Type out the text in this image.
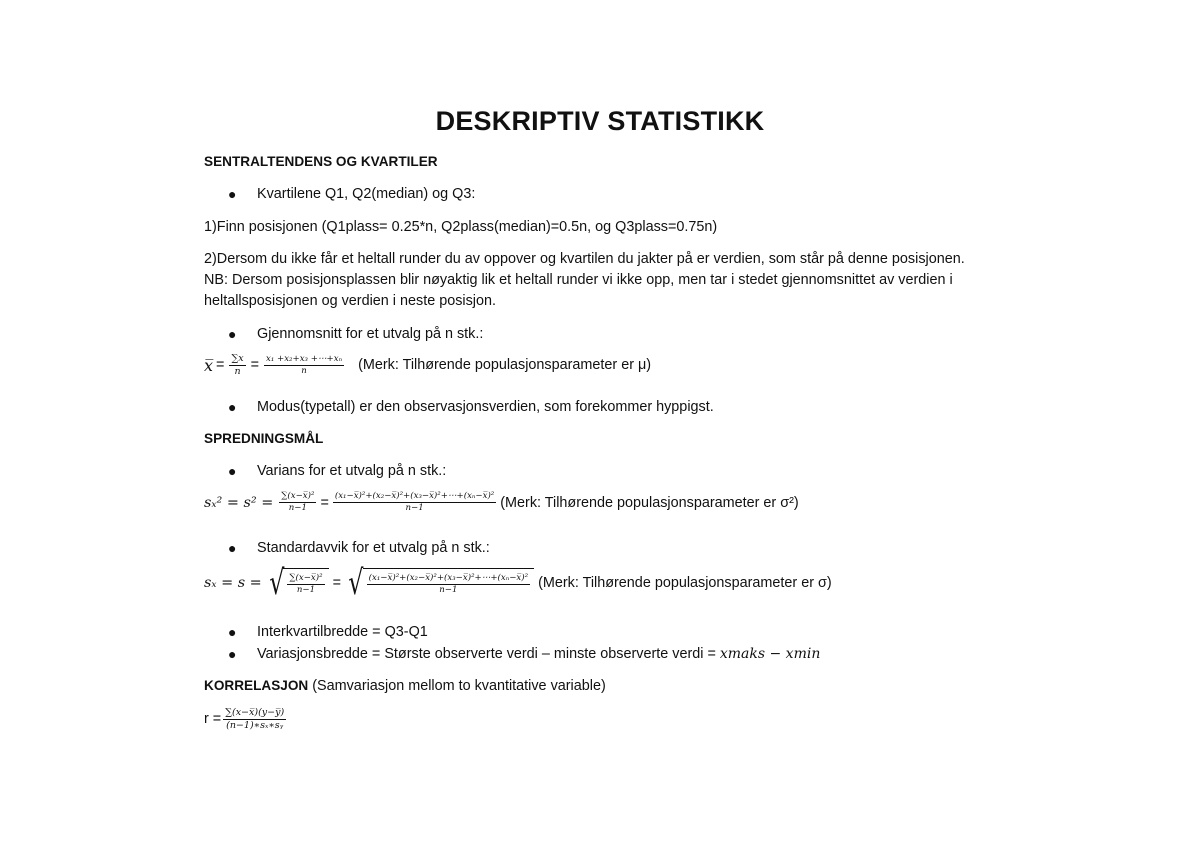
DESKRIPTIV STATISTIKK
SENTRALTENDENS OG KVARTILER
● Kvartilene Q1, Q2(median) og Q3:
1)Finn posisjonen (Q1plass= 0.25*n, Q2plass(median)=0.5n, og Q3plass=0.75n)
2)Dersom du ikke får et heltall runder du av oppover og kvartilen du jakter på er verdien, som står på denne posisjonen.
NB: Dersom posisjonsplassen blir nøyaktig lik et heltall runder vi ikke opp, men tar i stedet gjennomsnittet av verdien i
heltallsposisjonen og verdien i neste posisjon.
● Gjennomsnitt for et utvalg på n stk.:
x̅ = $\frac{\sum x}{n} = \frac{\text{x₁ +x₂+x₃ +⋯+xₙ}}{n}$ (Merk: Tilhørende populasjonsparameter er μ)
● Modus(typetall) er den observasjonsverdien, som forekommer hyppigst.
SPREDNINGSMÅL
● Varians for et utvalg på n stk.:
$s_x^2 = s^2 = \frac{\text{∑(x−x̅)²}}{n-1} = \frac{\text{(x₁−x̅)²+(x₂−x̅)²+(x₃−x̅)²+⋯+(xₙ−x̅)²}}{n-1}$ (Merk: Tilhørende populasjonsparameter er σ²)
● Standardavvik for et utvalg på n stk.:
sₓ = s = √ $\frac{\text{∑(x−x̅)²}}{n-1}$ = √ $\frac{\text{(x₁−x̅)²+(x₂−x̅)²+(x₃−x̅)²+⋯+(xₙ−x̅)²}}{n-1}$ (Merk: Tilhørende populasjonsparameter er σ)
● Interkvartilbredde = Q3-Q1
● Variasjonsbredde = Største observerte verdi – minste observerte verdi = xmaks − xmin
KORRELASJON (Samvariasjon mellom to kvantitative variable)
$r = \frac{\sum(x-x̅)(y-y̅)}{\text{(n−1)∗sₓ∗sᵧ}}$
